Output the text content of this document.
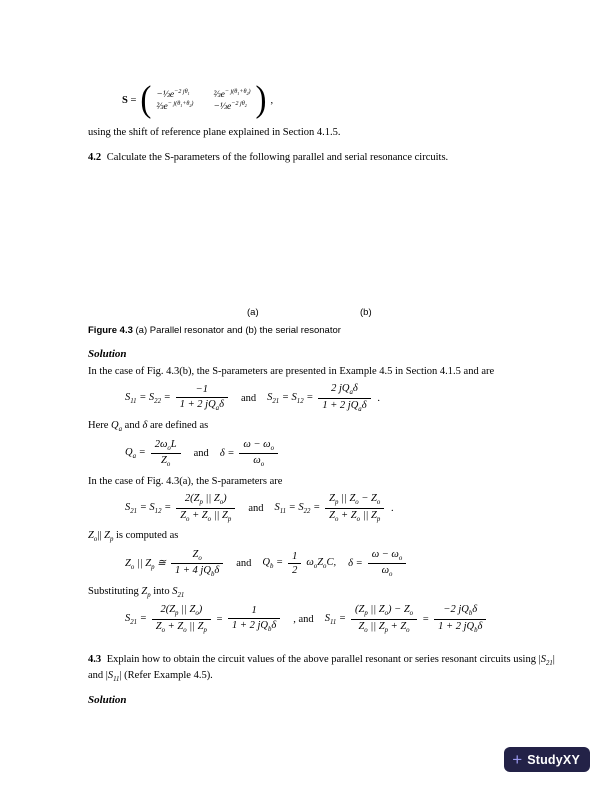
S = ( $-\frac{1}{3}e^{-2 j\theta_1}$	$\frac{2}{3}e^{- j(\theta_1+\theta_2)}$
$\frac{2}{3}e^{- j(\theta_1+\theta_2)}$ $-\frac{1}{3}e^{-2 j\theta_2}$ ) ,

using the shift of reference plane explained in Section 4.1.5.

4.2 Calculate the S-parameters of the following parallel and serial resonance circuits.

(a)	(b)

Figure 4.3 (a) Parallel resonator and (b) the serial resonator

Solution

In the case of Fig. 4.3(b), the S-parameters are presented in Example 4.5 in Section 4.1.5 and are

$S_{11} = S_{22} = \frac{-1}{1 + 2 jQ_a\delta}$ and $S_{21} = S_{12} = \frac{2 jQ_a\delta}{1 + 2 jQ_a\delta}$ .

Here $Q_a$ and δ are defined as

$Q_a = \frac{2\omega_oL}{Z_o}$ and $\delta = \frac{\omega - \omega_o}{\omega_o}$

In the case of Fig. 4.3(a), the S-parameters are

$S_{21} = S_{12} = \frac{2(Z_p || Z_o)}{Z_o + Z_o || Z_p}$ and $S_{11} = S_{22} = \frac{Z_p || Z_o - Z_o}{Z_o + Z_o || Z_p}$ .

$Z_o||$ $Z_p$ is computed as

$Z_o$ || $Z_p$ ≅ $\frac{Z_o}{1 + 4 jQ_b\delta}$ and $Q_b = \frac{1}{2} \omega_oZ_oC$, $\delta = \frac{\omega - \omega_o}{\omega_o}$

Substituting $Z_p$ into $S_{21}$

$S_{21} = \frac{2(Z_p || Z_o)}{Z_o + Z_o || Z_p} = \frac{1}{1 + 2 jQ_b\delta}$ , and $S_{11} = \frac{(Z_p || Z_o) - Z_o}{Z_o || Z_p + Z_o} = \frac{-2 jQ_b\delta}{1 + 2 jQ_b\delta}$

4.3 Explain how to obtain the circuit values of the above parallel resonant or series resonant circuits using $|S_{21}|$ and $|S_{11}|$ (Refer Example 4.5).

Solution

+ StudyXY
